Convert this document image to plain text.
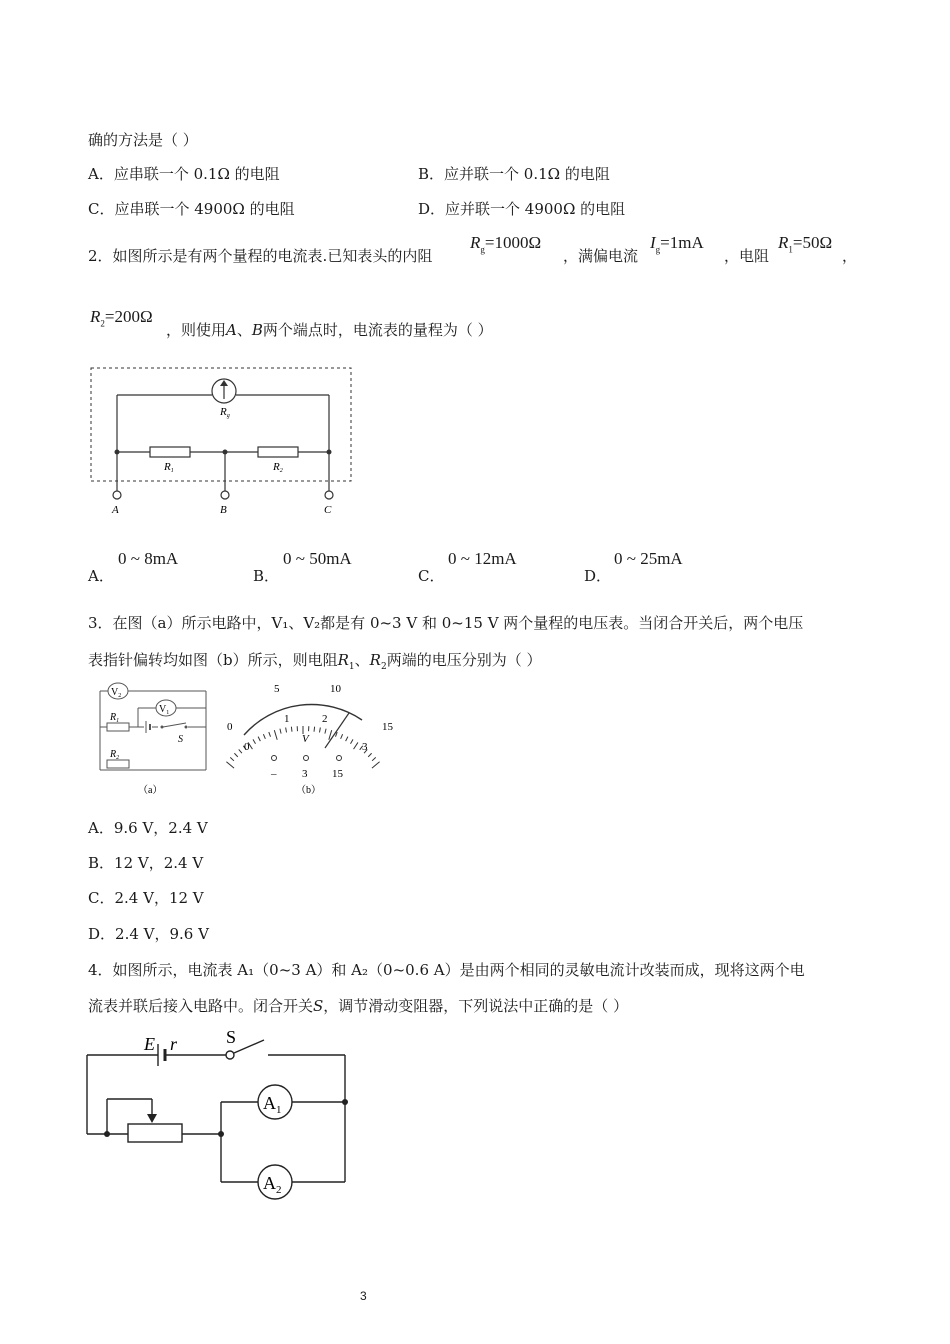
确的方法是（ ）
A．应串联一个 0.1Ω 的电阻	B．应并联一个 0.1Ω 的电阻
C．应串联一个 4900Ω 的电阻	D．应并联一个 4900Ω 的电阻
2．如图所示是有两个量程的电流表.已知表头的内阻
$R_g=1000\Omega$
，满偏电流
$I_g=1mA$
，电阻
$R_1=50\Omega$
，
$R_2=200\Omega$
，则使用A、B两个端点时，电流表的量程为（ ）
Rg
R1	R2
A	B	C
A．
0 ~ 8mA
B．
0 ~ 50mA
C．
0 ~ 12mA
D．
0 ~ 25mA
3．在图（a）所示电路中，V₁、V₂都是有 0~3 V 和 0~15 V 两个量程的电压表。当闭合开关后，两个电压
表指针偏转均如图（b）所示，则电阻$R_1$、$R_2$两端的电压分别为（ ）
$V_2$
$V_1$
$R_1$
S
$R_2$
（a）
0
5	10
15
0
1	2
3
V
– 3 15
（b）
A．9.6 V，2.4 V
B．12 V，2.4 V
C．2.4 V，12 V
D．2.4 V，9.6 V
4．如图所示，电流表 A₁（0~3 A）和 A₂（0~0.6 A）是由两个相同的灵敏电流计改装而成，现将这两个电
流表并联后接入电路中。闭合开关S，调节滑动变阻器，下列说法中正确的是（ ）
E r	S
$A_1$
$A_2$
3
